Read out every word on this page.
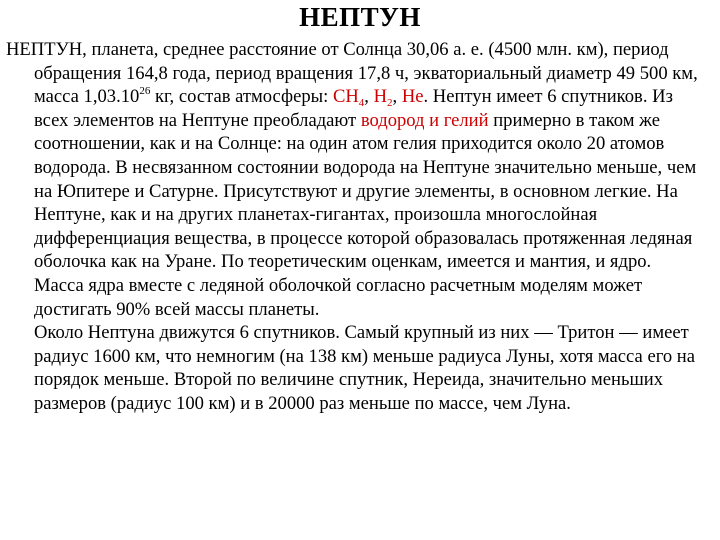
НЕПТУН

НЕПТУН, планета, среднее расстояние от Солнца 30,06 а. е. (4500 млн. км), период обращения 164,8 года, период вращения 17,8 ч, экваториальный диаметр 49 500 км, масса 1,03.10$^{26}$ кг, состав атмосферы: $CH_4$, $H_2$, He. Нептун имеет 6 спутников. Из всех элементов на Нептуне преобладают водород и гелий примерно в таком же соотношении, как и на Солнце: на один атом гелия приходится около 20 атомов водорода. В несвязанном состоянии водорода на Нептуне значительно меньше, чем на Юпитере и Сатурне. Присутствуют и другие элементы, в основном легкие. На Нептуне, как и на других планетах-гигантах, произошла многослойная дифференциация вещества, в процессе которой образовалась протяженная ледяная оболочка как на Уране. По теоретическим оценкам, имеется и мантия, и ядро. Масса ядра вместе с ледяной оболочкой согласно расчетным моделям может достигать 90% всей массы планеты.

Около Нептуна движутся 6 спутников. Самый крупный из них — Тритон — имеет радиус 1600 км, что немногим (на 138 км) меньше радиуса Луны, хотя масса его на порядок меньше. Второй по величине спутник, Нереида, значительно меньших размеров (радиус 100 км) и в 20000 раз меньше по массе, чем Луна.
